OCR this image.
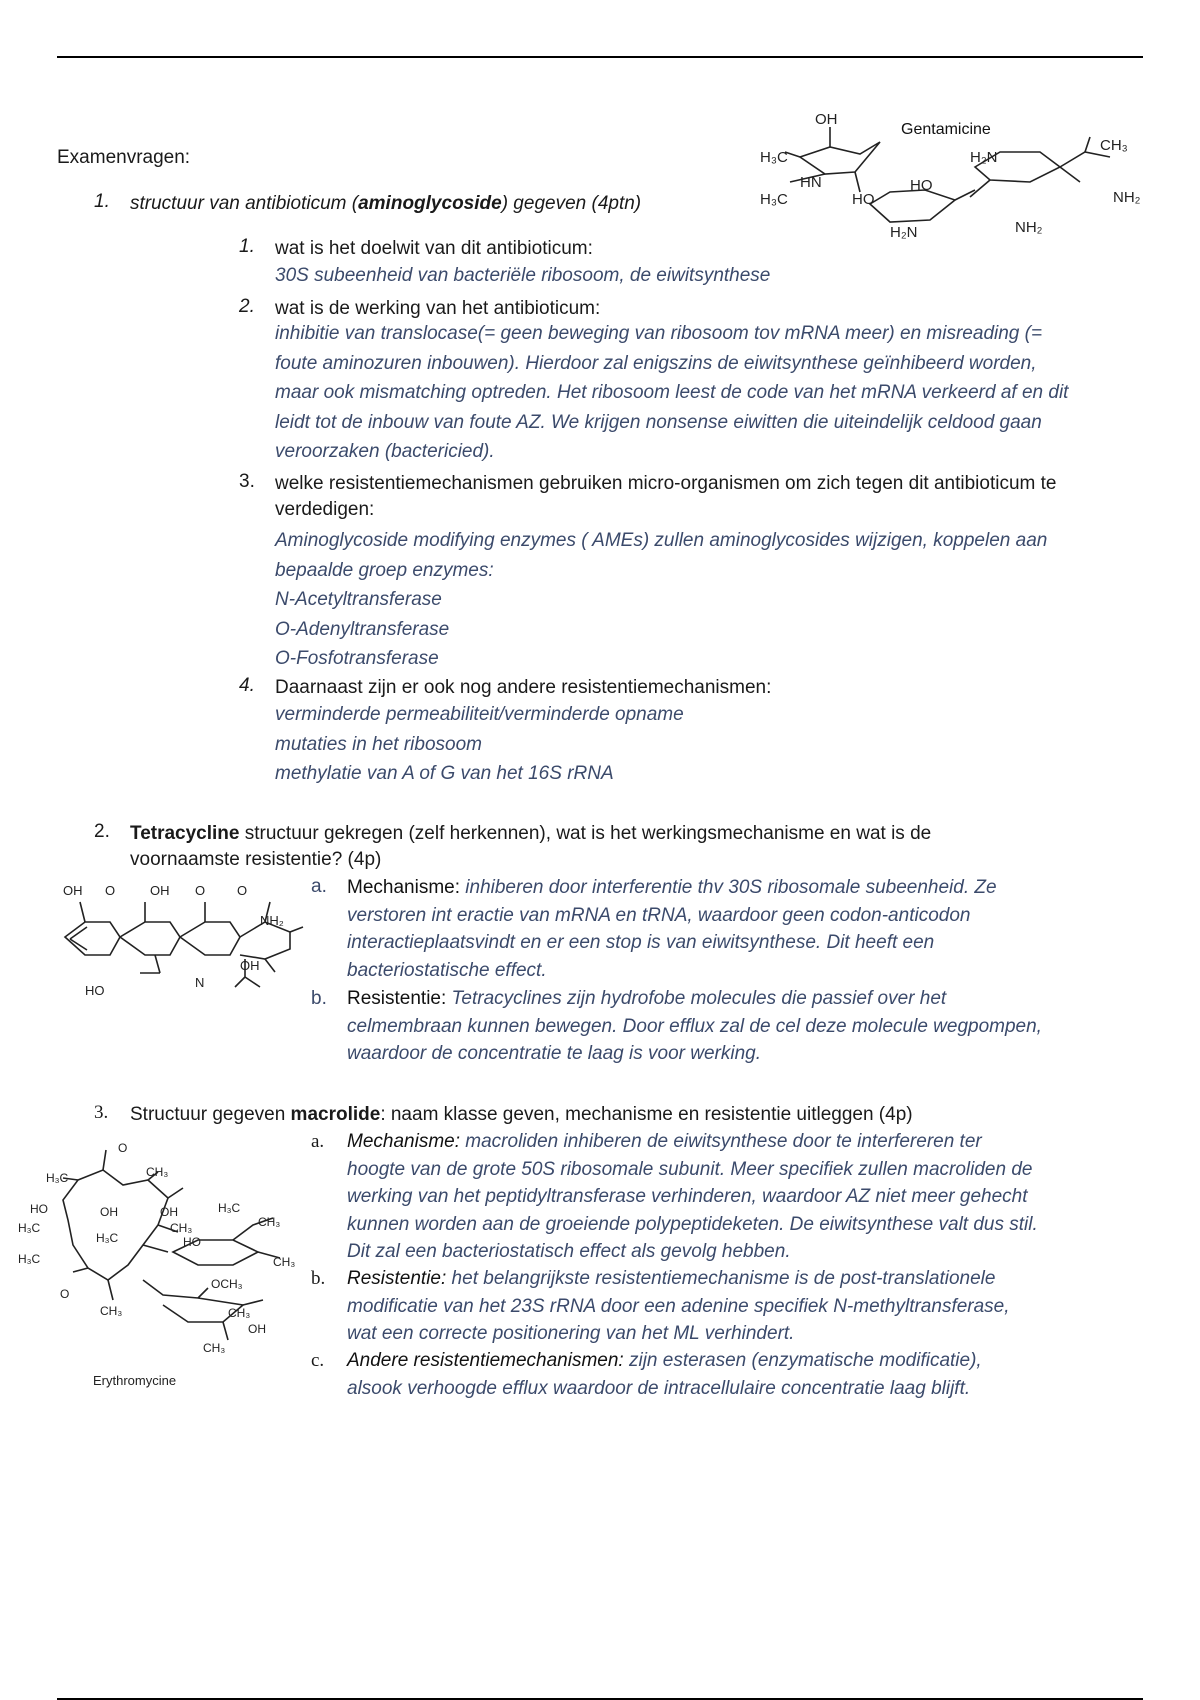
Examenvragen:
1. structuur van antibioticum (aminoglycoside) gegeven (4ptn)
OH
H₃C
HN
H₃C	HO
HO
H₂N	NH₂
H₂N
CH₃
NH₂
Gentamicine
1. wat is het doelwit van dit antibioticum:
30S subeenheid van bacteriële ribosoom, de eiwitsynthese
2. wat is de werking van het antibioticum:
inhibitie van translocase(= geen beweging van ribosoom tov mRNA meer) en misreading (=
foute aminozuren inbouwen). Hierdoor zal enigszins de eiwitsynthese geïnhibeerd worden,
maar ook mismatching optreden. Het ribosoom leest de code van het mRNA verkeerd af en dit
leidt tot de inbouw van foute AZ. We krijgen nonsense eiwitten die uiteindelijk celdood gaan
veroorzaken (bactericied).
3. welke resistentiemechanismen gebruiken micro-organismen om zich tegen dit antibioticum te
verdedigen:
Aminoglycoside modifying enzymes ( AMEs) zullen aminoglycosides wijzigen, koppelen aan
bepaalde groep enzymes:
N-Acetyltransferase
O-Adenyltransferase
O-Fosfotransferase
4. Daarnaast zijn er ook nog andere resistentiemechanismen:
verminderde permeabiliteit/verminderde opname
mutaties in het ribosoom
methylatie van A of G van het 16S rRNA
2. Tetracycline structuur gekregen (zelf herkennen), wat is het werkingsmechanisme en wat is de
voornaamste resistentie? (4p)
OH O	OH O O
NH₂
OH
HO
N
a. Mechanisme: inhiberen door interferentie thv 30S ribosomale subeenheid. Ze
verstoren int eractie van mRNA en tRNA, waardoor geen codon-anticodon
interactieplaatsvindt en er een stop is van eiwitsynthese. Dit heeft een
bacteriostatische effect.
b. Resistentie: Tetracyclines zijn hydrofobe molecules die passief over het
celmembraan kunnen bewegen. Door efflux zal de cel deze molecule wegpompen,
waardoor de concentratie te laag is voor werking.
3. Structuur gegeven macrolide: naam klasse geven, mechanisme en resistentie uitleggen (4p)
O
H₃C	CH₃
HO	OH	OH	H₃C
CH₃
H₃C
H₃C
CH₃
HO
H₃C	CH₃
O
OCH₃
CH₃	CH₃
OH
CH₃
Erythromycine
a. Mechanisme: macroliden inhiberen de eiwitsynthese door te interfereren ter
hoogte van de grote 50S ribosomale subunit. Meer specifiek zullen macroliden de
werking van het peptidyltransferase verhinderen, waardoor AZ niet meer gehecht
kunnen worden aan de groeiende polypeptideketen. De eiwitsynthese valt dus stil.
Dit zal een bacteriostatisch effect als gevolg hebben.
b. Resistentie: het belangrijkste resistentiemechanisme is de post-translationele
modificatie van het 23S rRNA door een adenine specifiek N-methyltransferase,
wat een correcte positionering van het ML verhindert.
c. Andere resistentiemechanismen: zijn esterasen (enzymatische modificatie),
alsook verhoogde efflux waardoor de intracellulaire concentratie laag blijft.
